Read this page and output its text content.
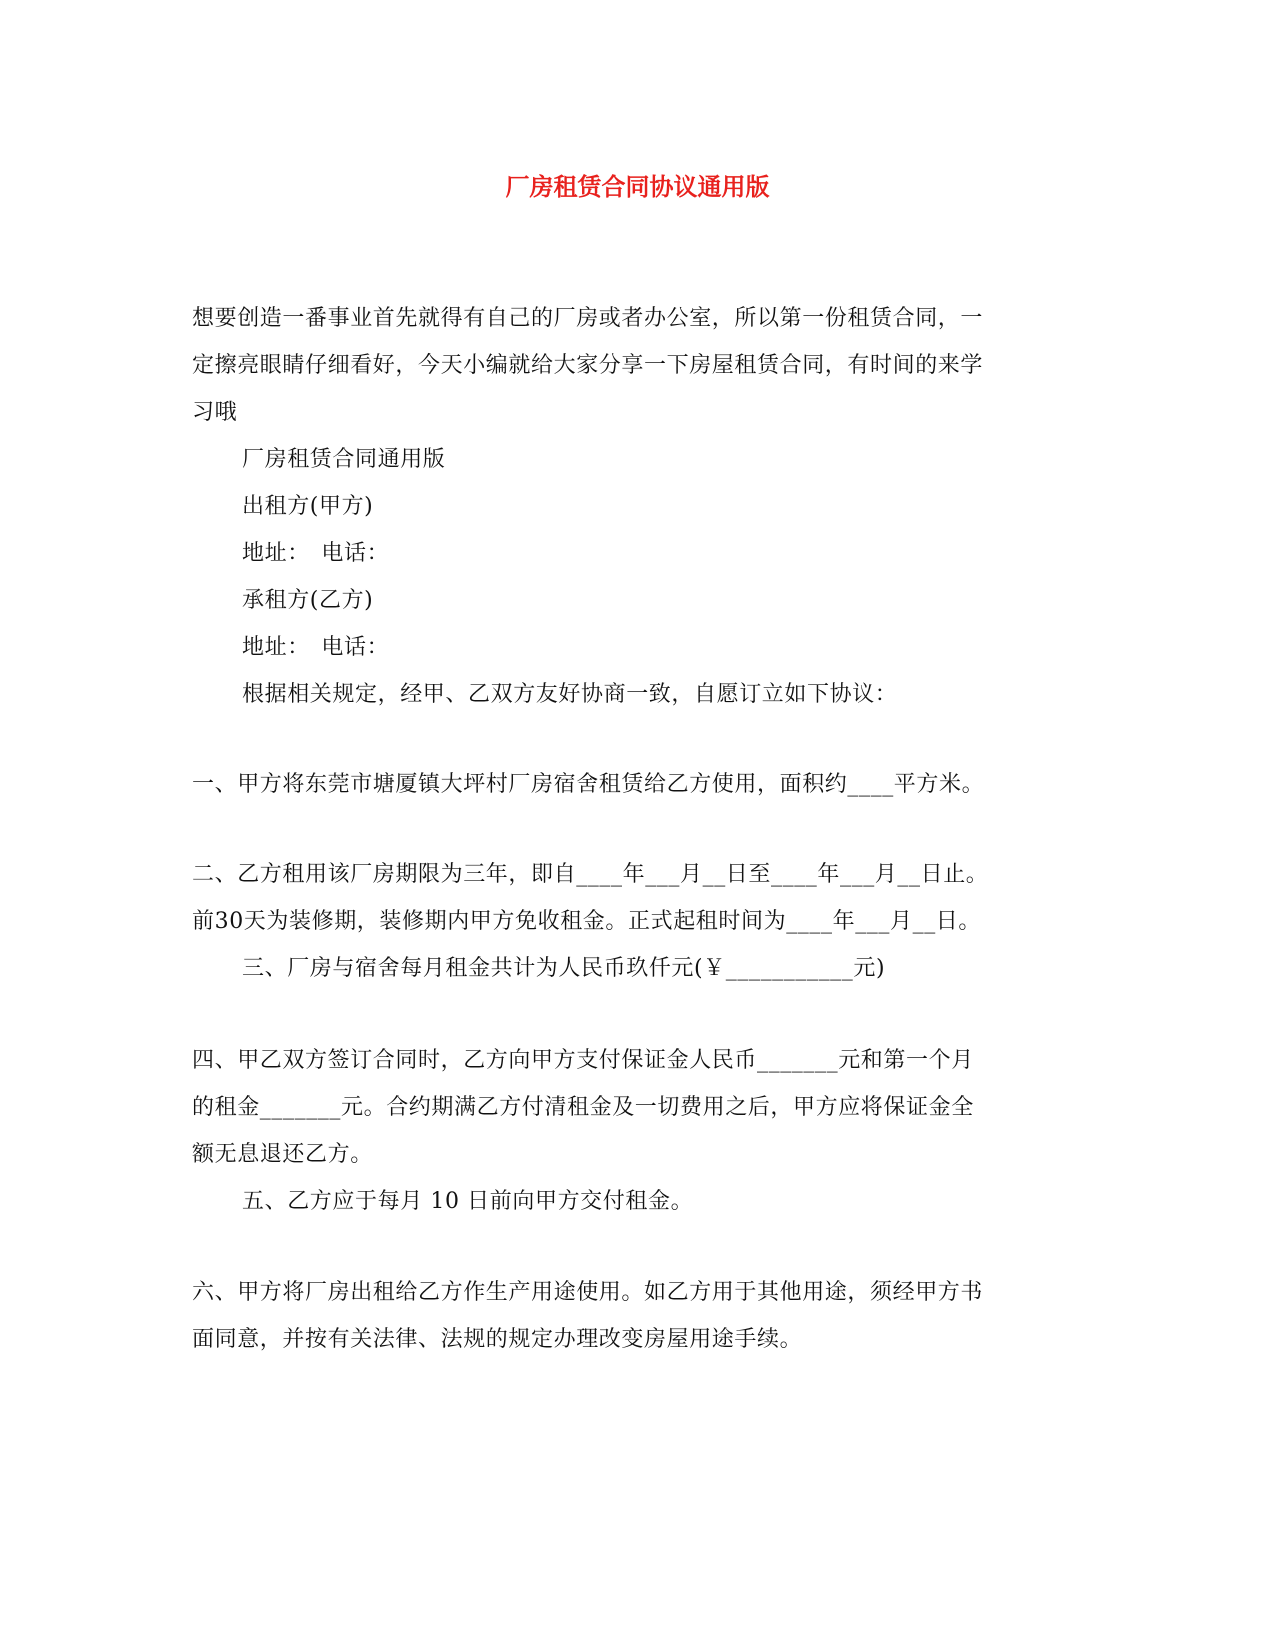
厂房租赁合同协议通用版
想要创造一番事业首先就得有自己的厂房或者办公室，所以第一份租赁合同，一
定擦亮眼睛仔细看好，今天小编就给大家分享一下房屋租赁合同，有时间的来学
习哦
厂房租赁合同通用版
出租方(甲方)
地址：　电话：
承租方(乙方)
地址：　电话：
根据相关规定，经甲、乙双方友好协商一致，自愿订立如下协议：
一、甲方将东莞市塘厦镇大坪村厂房宿舍租赁给乙方使用，面积约____平方米。
二、乙方租用该厂房期限为三年，即自____年___月__日至____年___月__日止。
前30天为装修期，装修期内甲方免收租金。正式起租时间为____年___月__日。
三、厂房与宿舍每月租金共计为人民币玖仟元(￥___________元)
四、甲乙双方签订合同时，乙方向甲方支付保证金人民币_______元和第一个月
的租金_______元。合约期满乙方付清租金及一切费用之后，甲方应将保证金全
额无息退还乙方。
五、乙方应于每月 10 日前向甲方交付租金。
六、甲方将厂房出租给乙方作生产用途使用。如乙方用于其他用途，须经甲方书
面同意，并按有关法律、法规的规定办理改变房屋用途手续。
